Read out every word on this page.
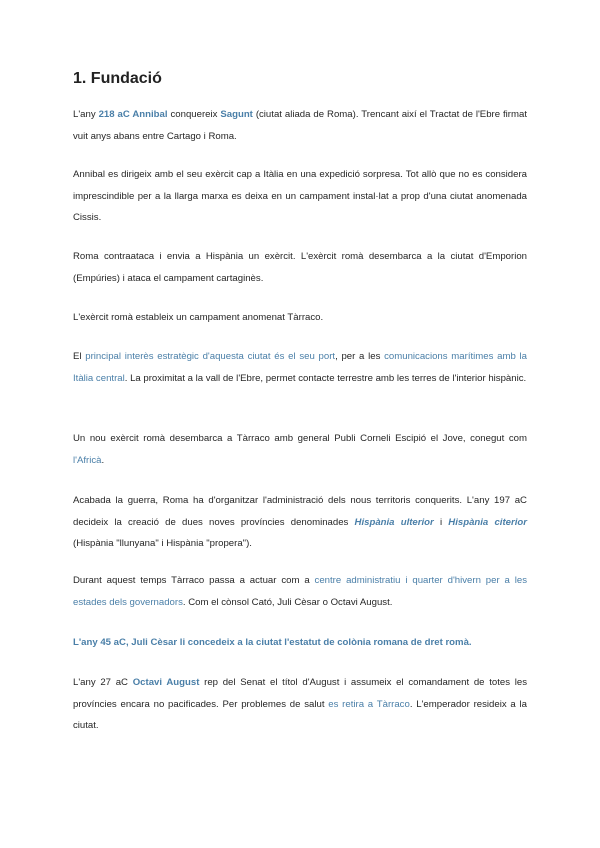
1. Fundació

L'any 218 aC Annibal conquereix Sagunt (ciutat aliada de Roma). Trencant així el Tractat de l'Ebre firmat vuit anys abans entre Cartago i Roma.

Annibal es dirigeix amb el seu exèrcit cap a Itàlia en una expedició sorpresa. Tot allò que no es considera imprescindible per a la llarga marxa es deixa en un campament instal·lat a prop d'una ciutat anomenada Cissis.

Roma contraataca i envia a Hispània un exèrcit. L'exèrcit romà desembarca a la ciutat d'Emporion (Empúries) i ataca el campament cartaginès.

L'exèrcit romà estableix un campament anomenat Tàrraco.

El principal interès estratègic d'aquesta ciutat és el seu port, per a les comunicacions marítimes amb la Itàlia central. La proximitat a la vall de l'Ebre, permet contacte terrestre amb les terres de l'interior hispànic.

Un nou exèrcit romà desembarca a Tàrraco amb general Publi Corneli Escipió el Jove, conegut com l'Africà.

Acabada la guerra, Roma ha d'organitzar l'administració dels nous territoris conquerits. L'any 197 aC decideix la creació de dues noves províncies denominades Hispània ulterior i Hispània citerior (Hispània "llunyana" i Hispània "propera").

Durant aquest temps Tàrraco passa a actuar com a centre administratiu i quarter d'hivern per a les estades dels governadors. Com el cònsol Cató, Juli Cèsar o Octavi August.

L'any 45 aC, Juli Cèsar li concedeix a la ciutat l'estatut de colònia romana de dret romà.

L'any 27 aC Octavi August rep del Senat el títol d'August i assumeix el comandament de totes les províncies encara no pacificades. Per problemes de salut es retira a Tàrraco. L'emperador resideix a la ciutat.
